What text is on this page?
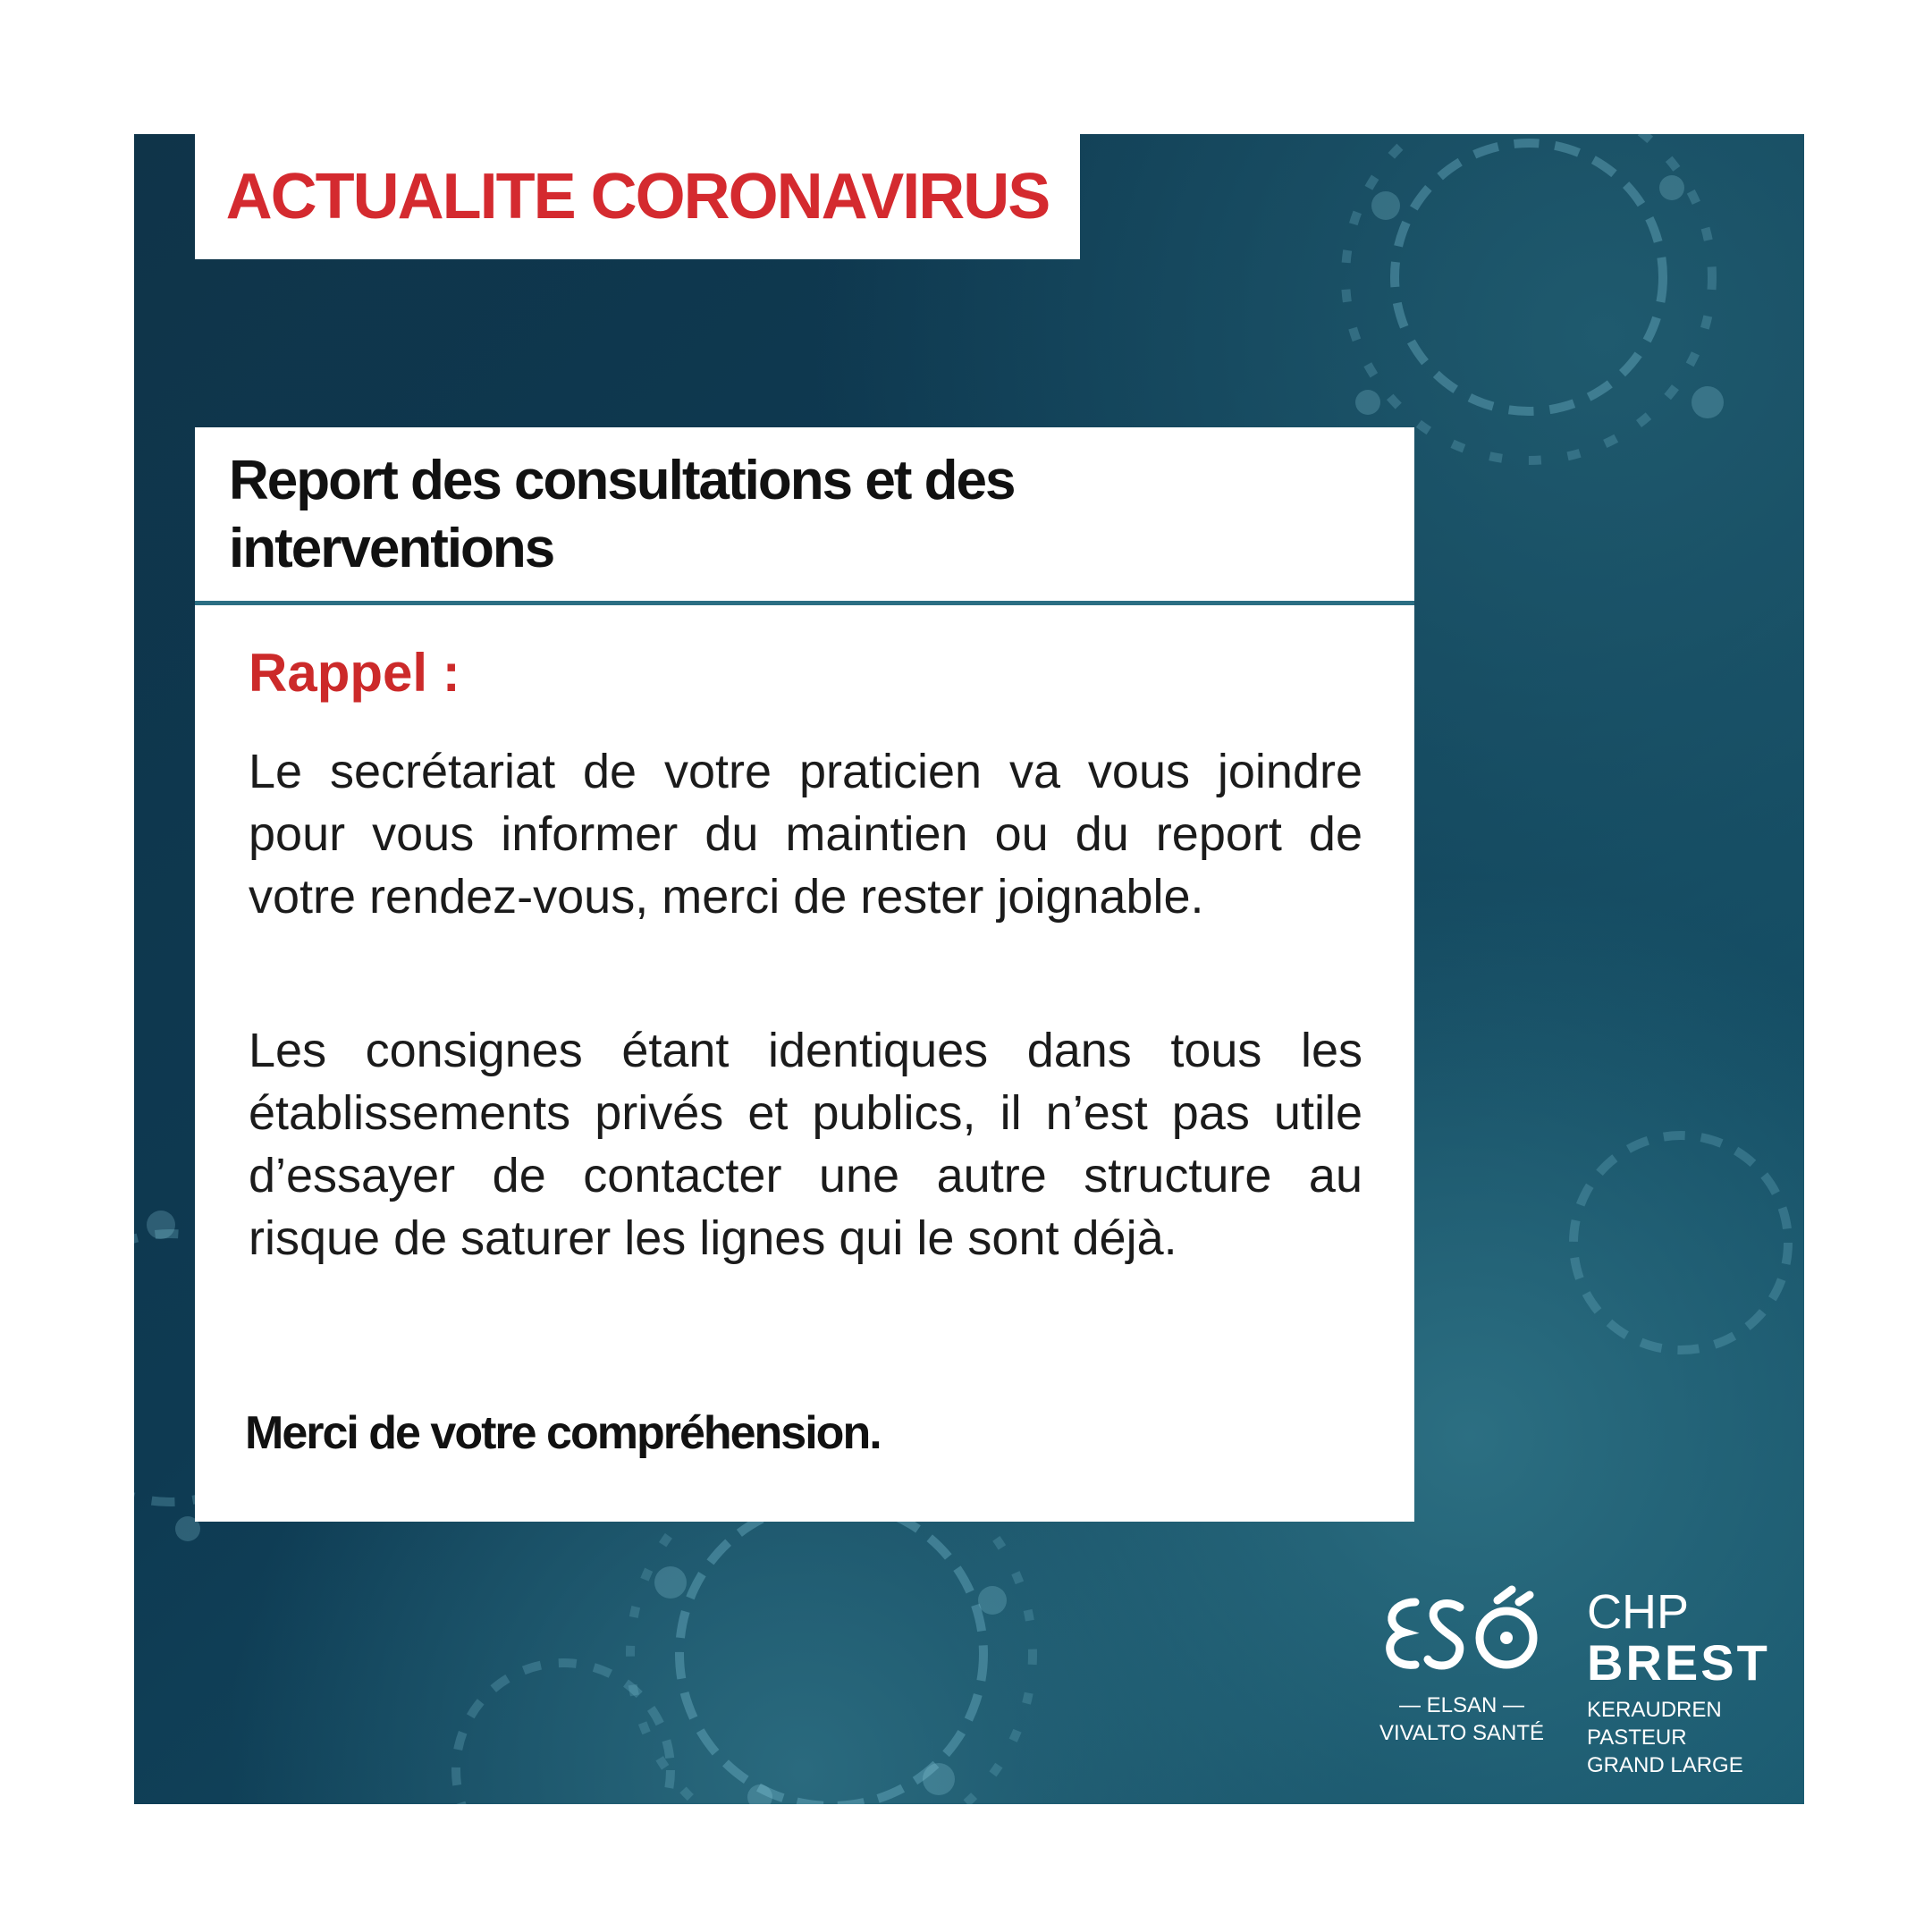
ACTUALITE CORONAVIRUS
Report des consultations et des
interventions
Rappel :
Le secrétariat de votre praticien va vous joindre pour vous informer du maintien ou du report de votre rendez-vous, merci de rester joignable.
Les consignes étant identiques dans tous les établissements privés et publics, il n’est pas utile d’essayer de contacter une autre structure au risque de saturer les lignes qui le sont déjà.
Merci de votre compréhension.
— ELSAN —
VIVALTO SANTÉ
CHP
BREST
KERAUDREN
PASTEUR
GRAND LARGE
